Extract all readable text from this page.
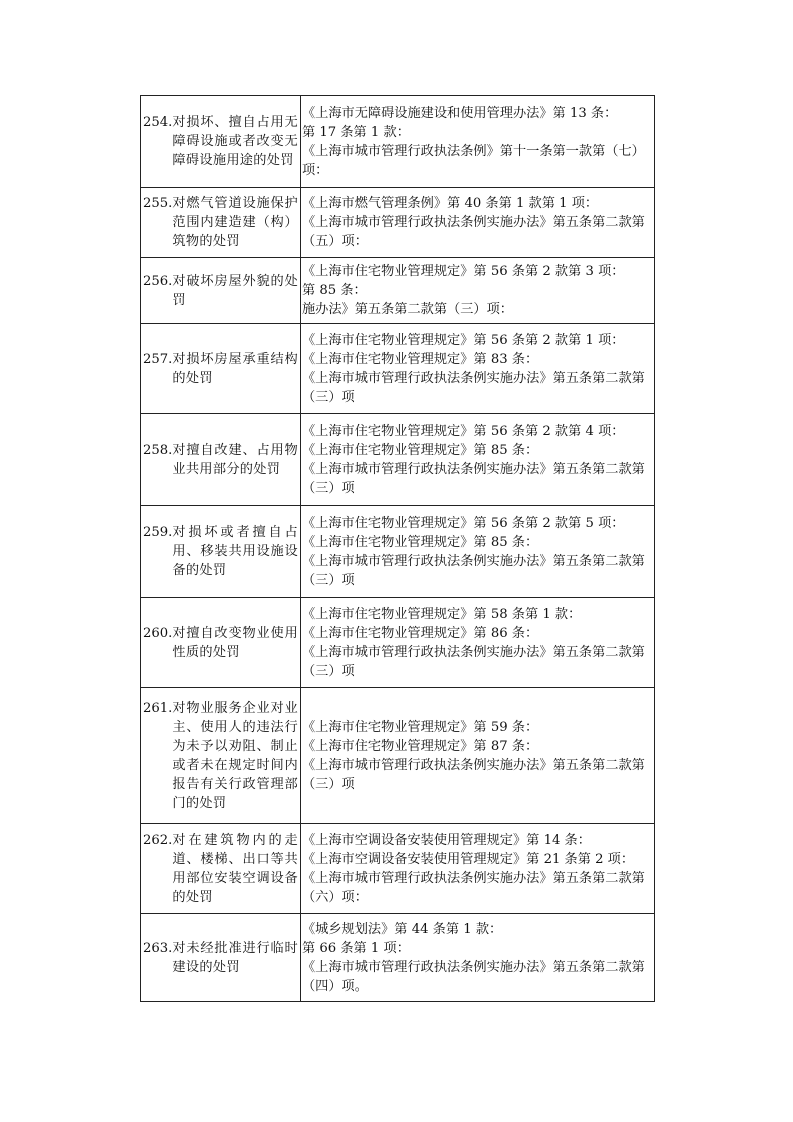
254. 对损坏、擅自占用无障碍设施或者改变无障碍设施用途的处罚	《上海市无障碍设施建设和使用管理办法》第 13 条：
第 17 条第 1 款：
《上海市城市管理行政执法条例》第十一条第一款第（七）
项：

255. 对燃气管道设施保护范围内建造建（构）筑物的处罚	《上海市燃气管理条例》第 40 条第 1 款第 1 项：
《上海市城市管理行政执法条例实施办法》第五条第二款第
（五）项：

256. 对破坏房屋外貌的处罚	《上海市住宅物业管理规定》第 56 条第 2 款第 3 项：
第 85 条：
施办法》第五条第二款第（三）项：

257. 对损坏房屋承重结构的处罚	《上海市住宅物业管理规定》第 56 条第 2 款第 1 项：
《上海市住宅物业管理规定》第 83 条：
《上海市城市管理行政执法条例实施办法》第五条第二款第
（三）项

258. 对擅自改建、占用物业共用部分的处罚	《上海市住宅物业管理规定》第 56 条第 2 款第 4 项：
《上海市住宅物业管理规定》第 85 条：
《上海市城市管理行政执法条例实施办法》第五条第二款第
（三）项

259. 对损坏或者擅自占用、移装共用设施设备的处罚	《上海市住宅物业管理规定》第 56 条第 2 款第 5 项：
《上海市住宅物业管理规定》第 85 条：
《上海市城市管理行政执法条例实施办法》第五条第二款第
（三）项

260. 对擅自改变物业使用性质的处罚	《上海市住宅物业管理规定》第 58 条第 1 款：
《上海市住宅物业管理规定》第 86 条：
《上海市城市管理行政执法条例实施办法》第五条第二款第
（三）项

261. 对物业服务企业对业主、使用人的违法行为未予以劝阻、制止或者未在规定时间内报告有关行政管理部门的处罚	《上海市住宅物业管理规定》第 59 条：
《上海市住宅物业管理规定》第 87 条：
《上海市城市管理行政执法条例实施办法》第五条第二款第
（三）项

262. 对在建筑物内的走道、楼梯、出口等共用部位安装空调设备的处罚	《上海市空调设备安装使用管理规定》第 14 条：
《上海市空调设备安装使用管理规定》第 21 条第 2 项：
《上海市城市管理行政执法条例实施办法》第五条第二款第
（六）项：

263. 对未经批准进行临时建设的处罚	《城乡规划法》第 44 条第 1 款：
第 66 条第 1 项：
《上海市城市管理行政执法条例实施办法》第五条第二款第
（四）项。
